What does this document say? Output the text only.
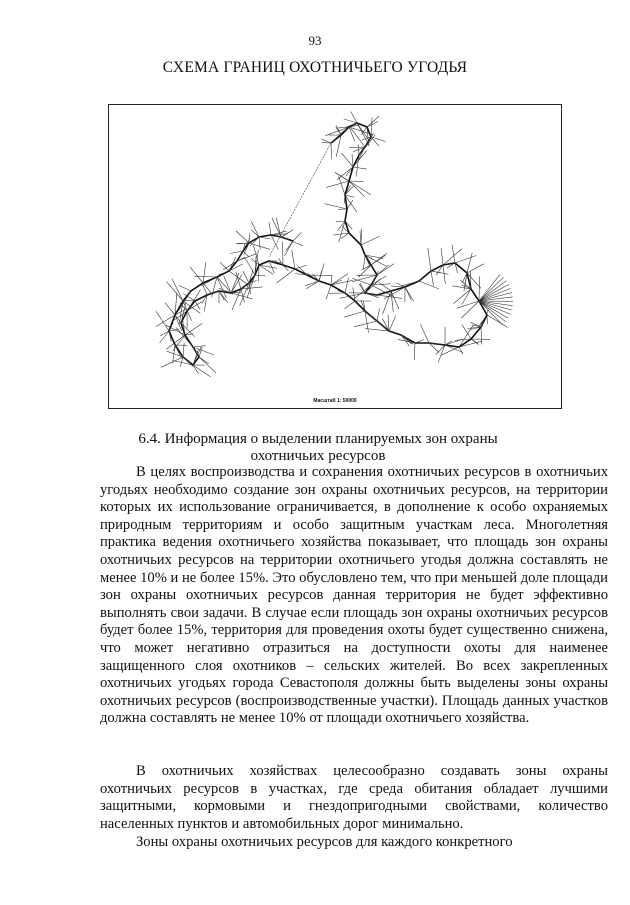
93
СХЕМА ГРАНИЦ ОХОТНИЧЬЕГО УГОДЬЯ
Масштаб 1: 50000
6.4. Информация о выделении планируемых зон охраны охотничьих ресурсов

В целях воспроизводства и сохранения охотничьих ресурсов в охотничьих угодьях необходимо создание зон охраны охотничьих ресурсов, на территории которых их использование ограничивается, в дополнение к особо охраняемых природным территориям и особо защитным участкам леса. Многолетняя практика ведения охотничьего хозяйства показывает, что площадь зон охраны охотничьих ресурсов на территории охотничьего угодья должна составлять не менее 10% и не более 15%. Это обусловлено тем, что при меньшей доле площади зон охраны охотничьих ресурсов данная территория не будет эффективно выполнять свои задачи. В случае если площадь зон охраны охотничьих ресурсов будет более 15%, территория для проведения охоты будет существенно снижена, что может негативно отразиться на доступности охоты для наименее защищенного слоя охотников – сельских жителей. Во всех закрепленных охотничьих угодьях города Севастополя должны быть выделены зоны охраны охотничьих ресурсов (воспроизводственные участки). Площадь данных участков должна составлять не менее 10% от площади охотничьего хозяйства.

В охотничьих хозяйствах целесообразно создавать зоны охраны охотничьих ресурсов в участках, где среда обитания обладает лучшими защитными, кормовыми и гнездопригодными свойствами, количество населенных пунктов и автомобильных дорог минимально.

Зоны охраны охотничьих ресурсов для каждого конкретного
